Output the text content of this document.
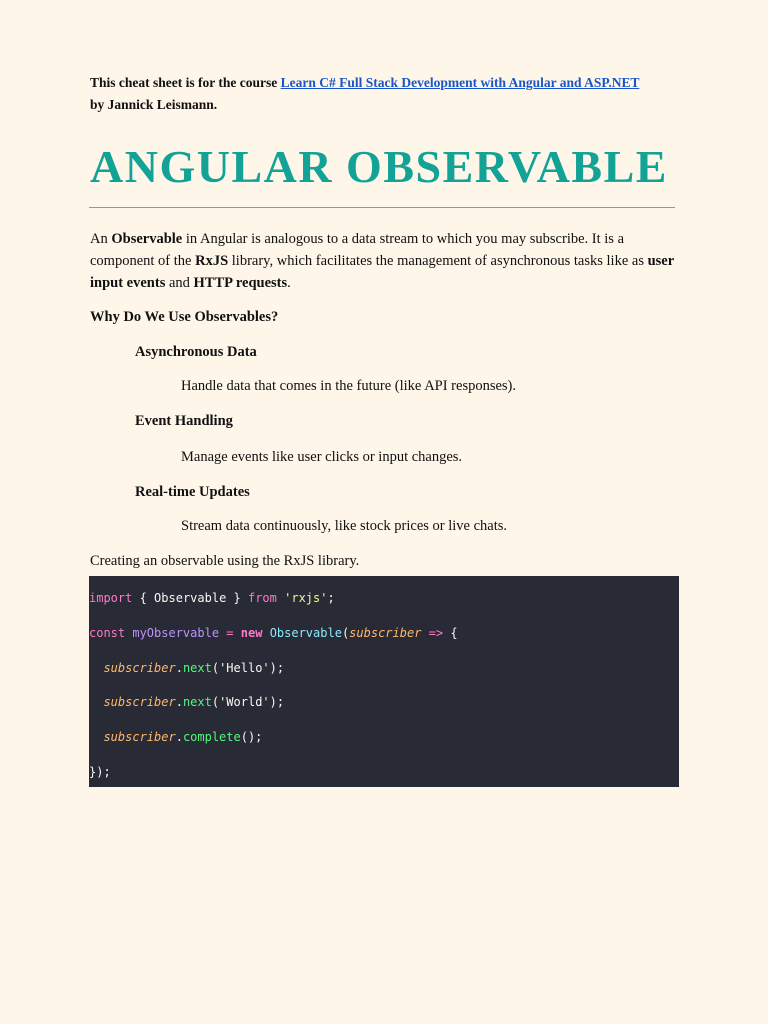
This cheat sheet is for the course Learn C# Full Stack Development with Angular and ASP.NET by Jannick Leismann.
ANGULAR OBSERVABLE
An Observable in Angular is analogous to a data stream to which you may subscribe. It is a component of the RxJS library, which facilitates the management of asynchronous tasks like as user input events and HTTP requests.
Why Do We Use Observables?
Asynchronous Data
Handle data that comes in the future (like API responses).
Event Handling
Manage events like user clicks or input changes.
Real-time Updates
Stream data continuously, like stock prices or live chats.
Creating an observable using the RxJS library.
import { Observable } from 'rxjs';
const myObservable = new Observable(subscriber => {
subscriber.next('Hello');
subscriber.next('World');
subscriber.complete();
});
